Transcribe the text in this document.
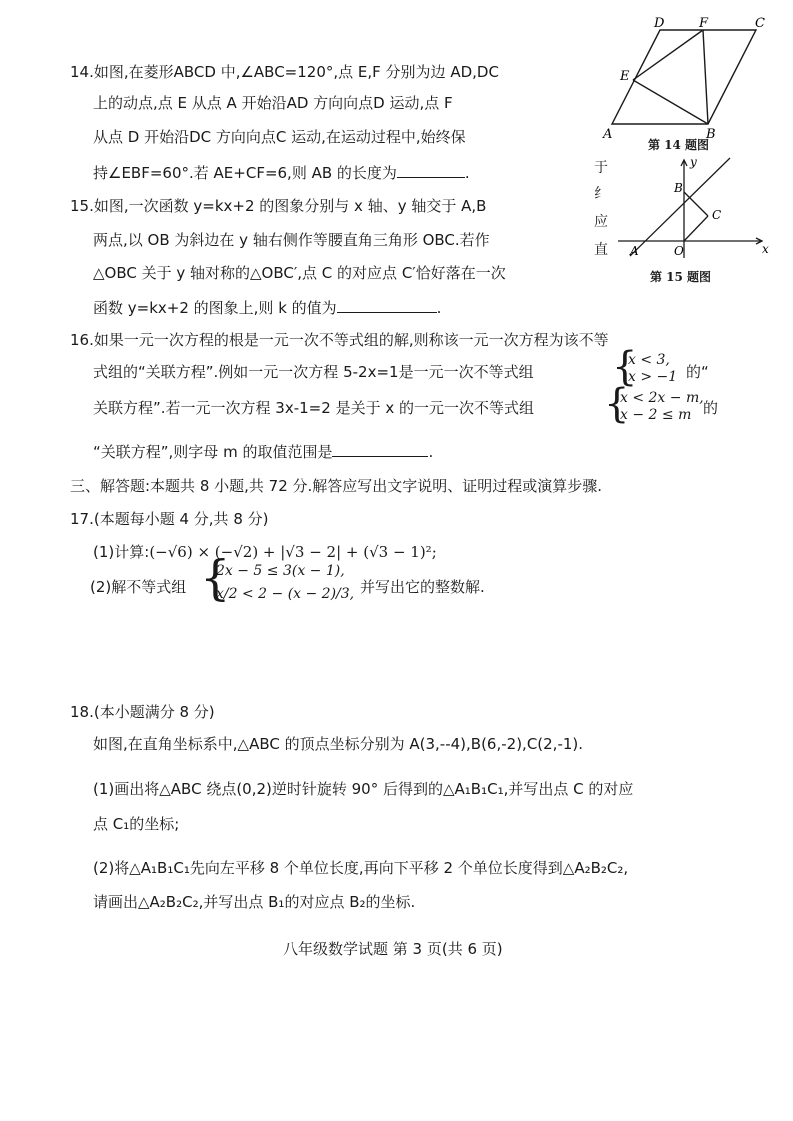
14.如图,在菱形ABCD 中,∠ABC=120°,点 E,F 分别为边 AD,DC
上的动点,点 E 从点 A 开始沿AD 方向向点D 运动,点 F
从点 D 开始沿DC 方向向点C 运动,在运动过程中,始终保
持∠EBF=60°.若 AE+CF=6,则 AB 的长度为	.
D	F	C
E
A	B
第 14 题图
15.如图,一次函数 y=kx+2 的图象分别与 x 轴、y 轴交于 A,B
两点,以 OB 为斜边在 y 轴右侧作等腰直角三角形 OBC.若作
△OBC 关于 y 轴对称的△OBC′,点 C 的对应点 C′恰好落在一次
函数 y=kx+2 的图象上,则 k 的值为	.
于
纟
应
直
y
x
B
C
A	O
第 15 题图
16.如果一元一次方程的根是一元一次不等式组的解,则称该一元一次方程为该不等
式组的“关联方程”.例如一元一次方程 5-2x=1是一元一次不等式组 {
x < 3,
x > −1 的“
关联方程”.若一元一次方程 3x-1=2 是关于 x 的一元一次不等式组 {
x < 2x − m,
x − 2 ≤ m 的
“关联方程”,则字母 m 的取值范围是	.
三、解答题:本题共 8 小题,共 72 分.解答应写出文字说明、证明过程或演算步骤.
17.(本题每小题 4 分,共 8 分)
(1)计算:(−√6) × (−√2) + |√3 − 2| + (√3 − 1)²;
(2)解不等式组 {
2x − 5 ≤ 3(x − 1),
x/2 < 2 − (x − 2)/3, 并写出它的整数解.
18.(本小题满分 8 分)
如图,在直角坐标系中,△ABC 的顶点坐标分别为 A(3,--4),B(6,-2),C(2,-1).
(1)画出将△ABC 绕点(0,2)逆时针旋转 90° 后得到的△A₁B₁C₁,并写出点 C 的对应
点 C₁的坐标;
(2)将△A₁B₁C₁先向左平移 8 个单位长度,再向下平移 2 个单位长度得到△A₂B₂C₂,
请画出△A₂B₂C₂,并写出点 B₁的对应点 B₂的坐标.
八年级数学试题 第 3 页(共 6 页)
